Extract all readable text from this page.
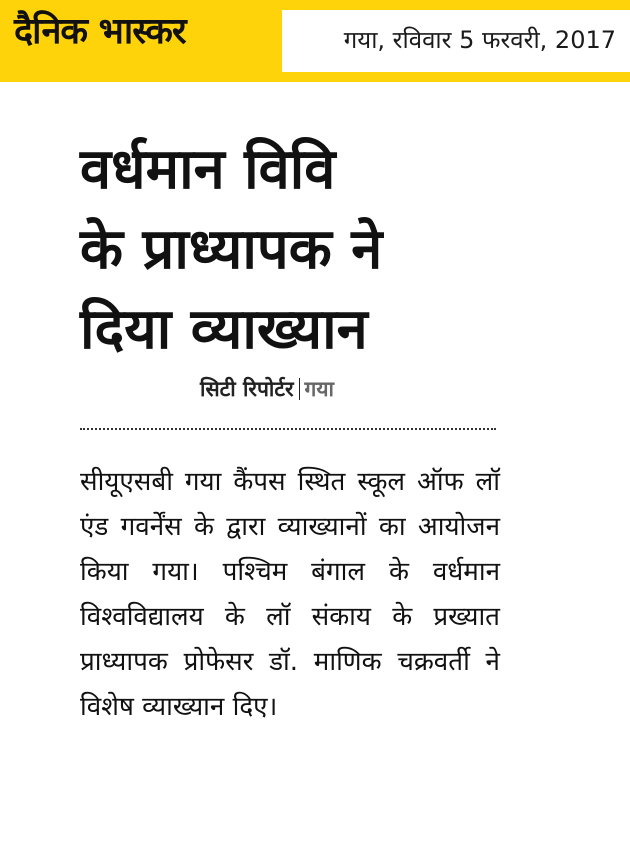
दैनिक भास्कर	गया, रविवार 5 फरवरी, 2017
वर्धमान विवि
के प्राध्यापक ने
दिया व्याख्यान
सिटी रिपोर्टर गया

सीयूएसबी गया कैंपस स्थित स्कूल ऑफ लॉ एंड गवर्नेंस के द्वारा व्याख्यानों का आयोजन किया गया। पश्चिम बंगाल के वर्धमान विश्वविद्यालय के लॉ संकाय के प्रख्यात प्राध्यापक प्रोफेसर डॉ. माणिक चक्रवर्ती ने विशेष व्याख्यान दिए।
